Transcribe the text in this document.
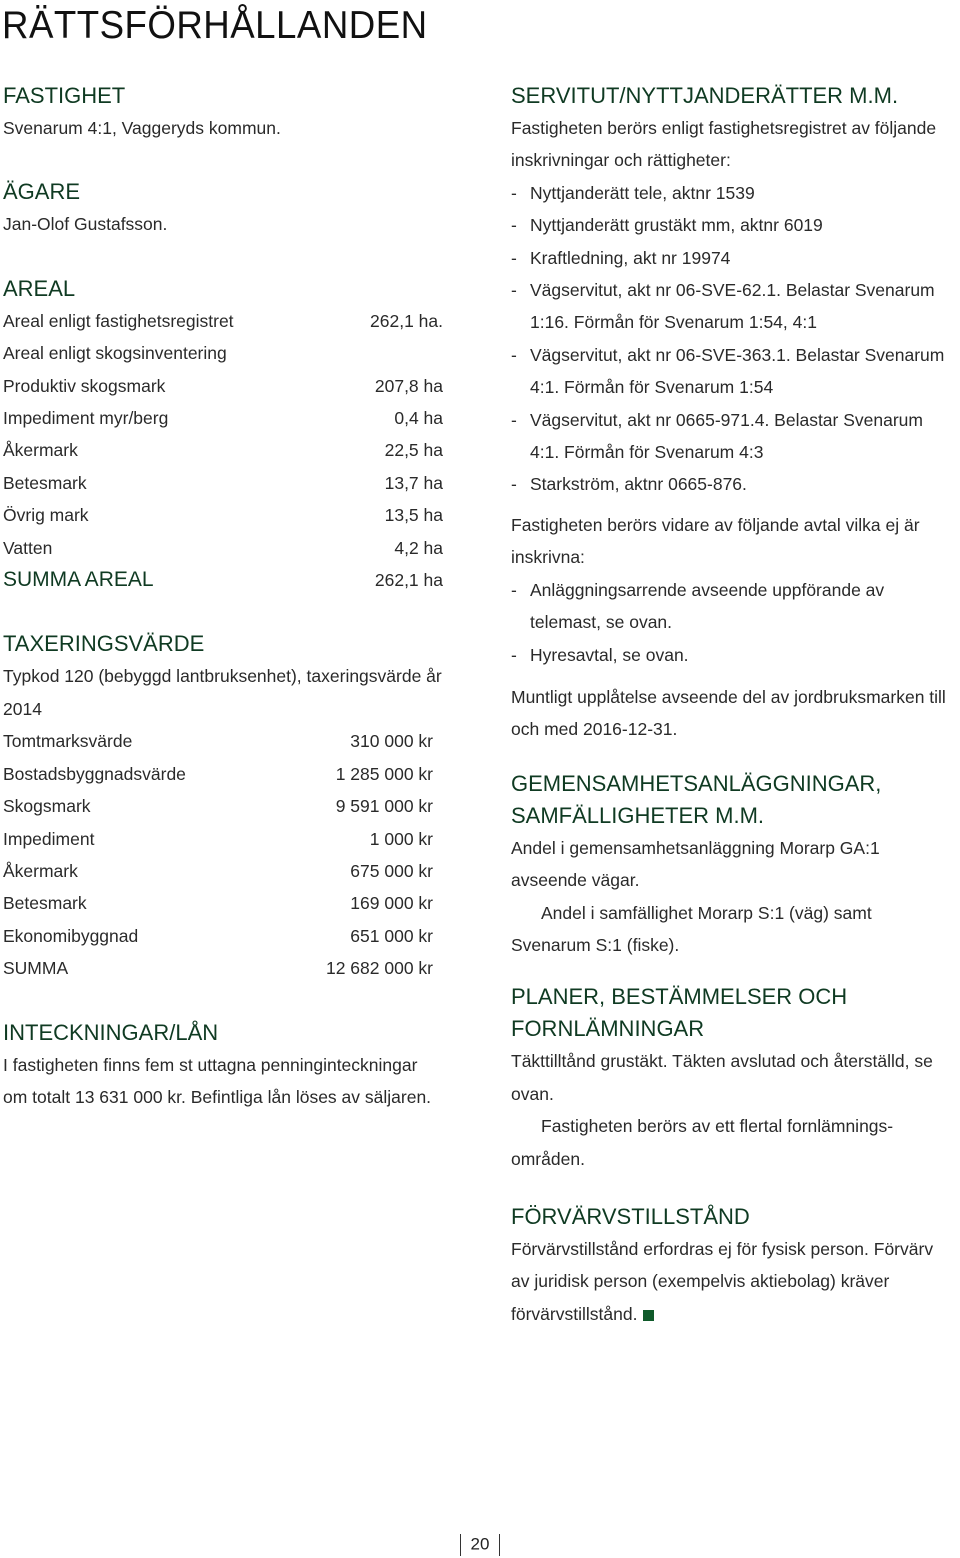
RÄTTSFÖRHÅLLANDEN
FASTIGHET

Svenarum 4:1, Vaggeryds kommun.

ÄGARE

Jan-Olof Gustafsson.

AREAL
Areal enligt fastighetsregistret	262,1 ha.

Areal enligt skogsinventering

Produktiv skogsmark	207,8 ha
Impediment myr/berg	0,4 ha
Åkermark	22,5 ha
Betesmark	13,7 ha
Övrig mark	13,5 ha
Vatten	4,2 ha
SUMMA AREAL	262,1 ha
TAXERINGSVÄRDE

Typkod 120 (bebyggd lantbruksenhet), taxeringsvärde år 2014

Tomtmarksvärde	310 000 kr
Bostadsbyggnadsvärde	1 285 000 kr
Skogsmark	9 591 000 kr
Impediment	1 000 kr
Åkermark	675 000 kr
Betesmark	169 000 kr
Ekonomibyggnad	651 000 kr
SUMMA	12 682 000 kr
INTECKNINGAR/LÅN

I fastigheten finns fem st uttagna penninginteckningar om totalt 13 631 000 kr. Befintliga lån löses av säljaren.

SERVITUT/NYTTJANDERÄTTER M.M.

Fastigheten berörs enligt fastighetsregistret av följande inskrivningar och rättigheter:

- Nyttjanderätt tele, aktnr 1539
- Nyttjanderätt grustäkt mm, aktnr 6019
- Kraftledning, akt nr 19974
- Vägservitut, akt nr 06-SVE-62.1. Belastar Svenarum 1:16. Förmån för Svenarum 1:54, 4:1
- Vägservitut, akt nr 06-SVE-363.1. Belastar Svenarum 4:1. Förmån för Svenarum 1:54
- Vägservitut, akt nr 0665-971.4. Belastar Svenarum 4:1. Förmån för Svenarum 4:3
- Starkström, aktnr 0665-876.

Fastigheten berörs vidare av följande avtal vilka ej är inskrivna:

- Anläggningsarrende avseende uppförande av telemast, se ovan.
- Hyresavtal, se ovan.

Muntligt upplåtelse avseende del av jordbruksmarken till och med 2016-12-31.

GEMENSAMHETSANLÄGGNINGAR, SAMFÄLLIGHETER M.M.

Andel i gemensamhetsanläggning Morarp GA:1 avseende vägar.

Andel i samfällighet Morarp S:1 (väg) samt Svenarum S:1 (fiske).

PLANER, BESTÄMMELSER OCH FORNLÄMNINGAR

Täkttilltånd grustäkt. Täkten avslutad och återställd, se ovan.

Fastigheten berörs av ett flertal fornlämningsområden.

FÖRVÄRVSTILLSTÅND

Förvärvstillstånd erfordras ej för fysisk person. Förvärv av juridisk person (exempelvis aktiebolag) kräver förvärvstillstånd.

20
